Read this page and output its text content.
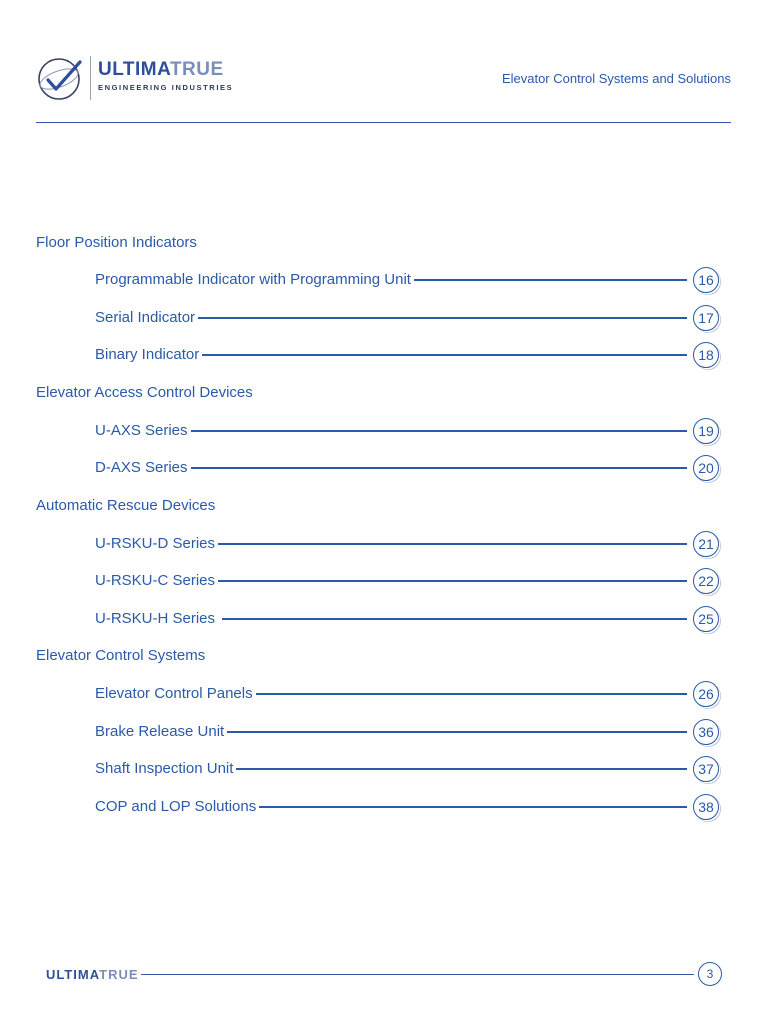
ULTIMATRUE
ENGINEERING INDUSTRIES
Elevator Control Systems and Solutions
Floor Position Indicators
Programmable Indicator with Programming Unit	16
Serial Indicator	17
Binary Indicator	18
Elevator Access Control Devices
U-AXS Series	19
D-AXS Series	20
Automatic Rescue Devices
U-RSKU-D Series	21
U-RSKU-C Series	22
U-RSKU-H Series	25
Elevator Control Systems
Elevator Control Panels	26
Brake Release Unit	36
Shaft Inspection Unit	37
COP and LOP Solutions	38
ULTIMATRUE	3
